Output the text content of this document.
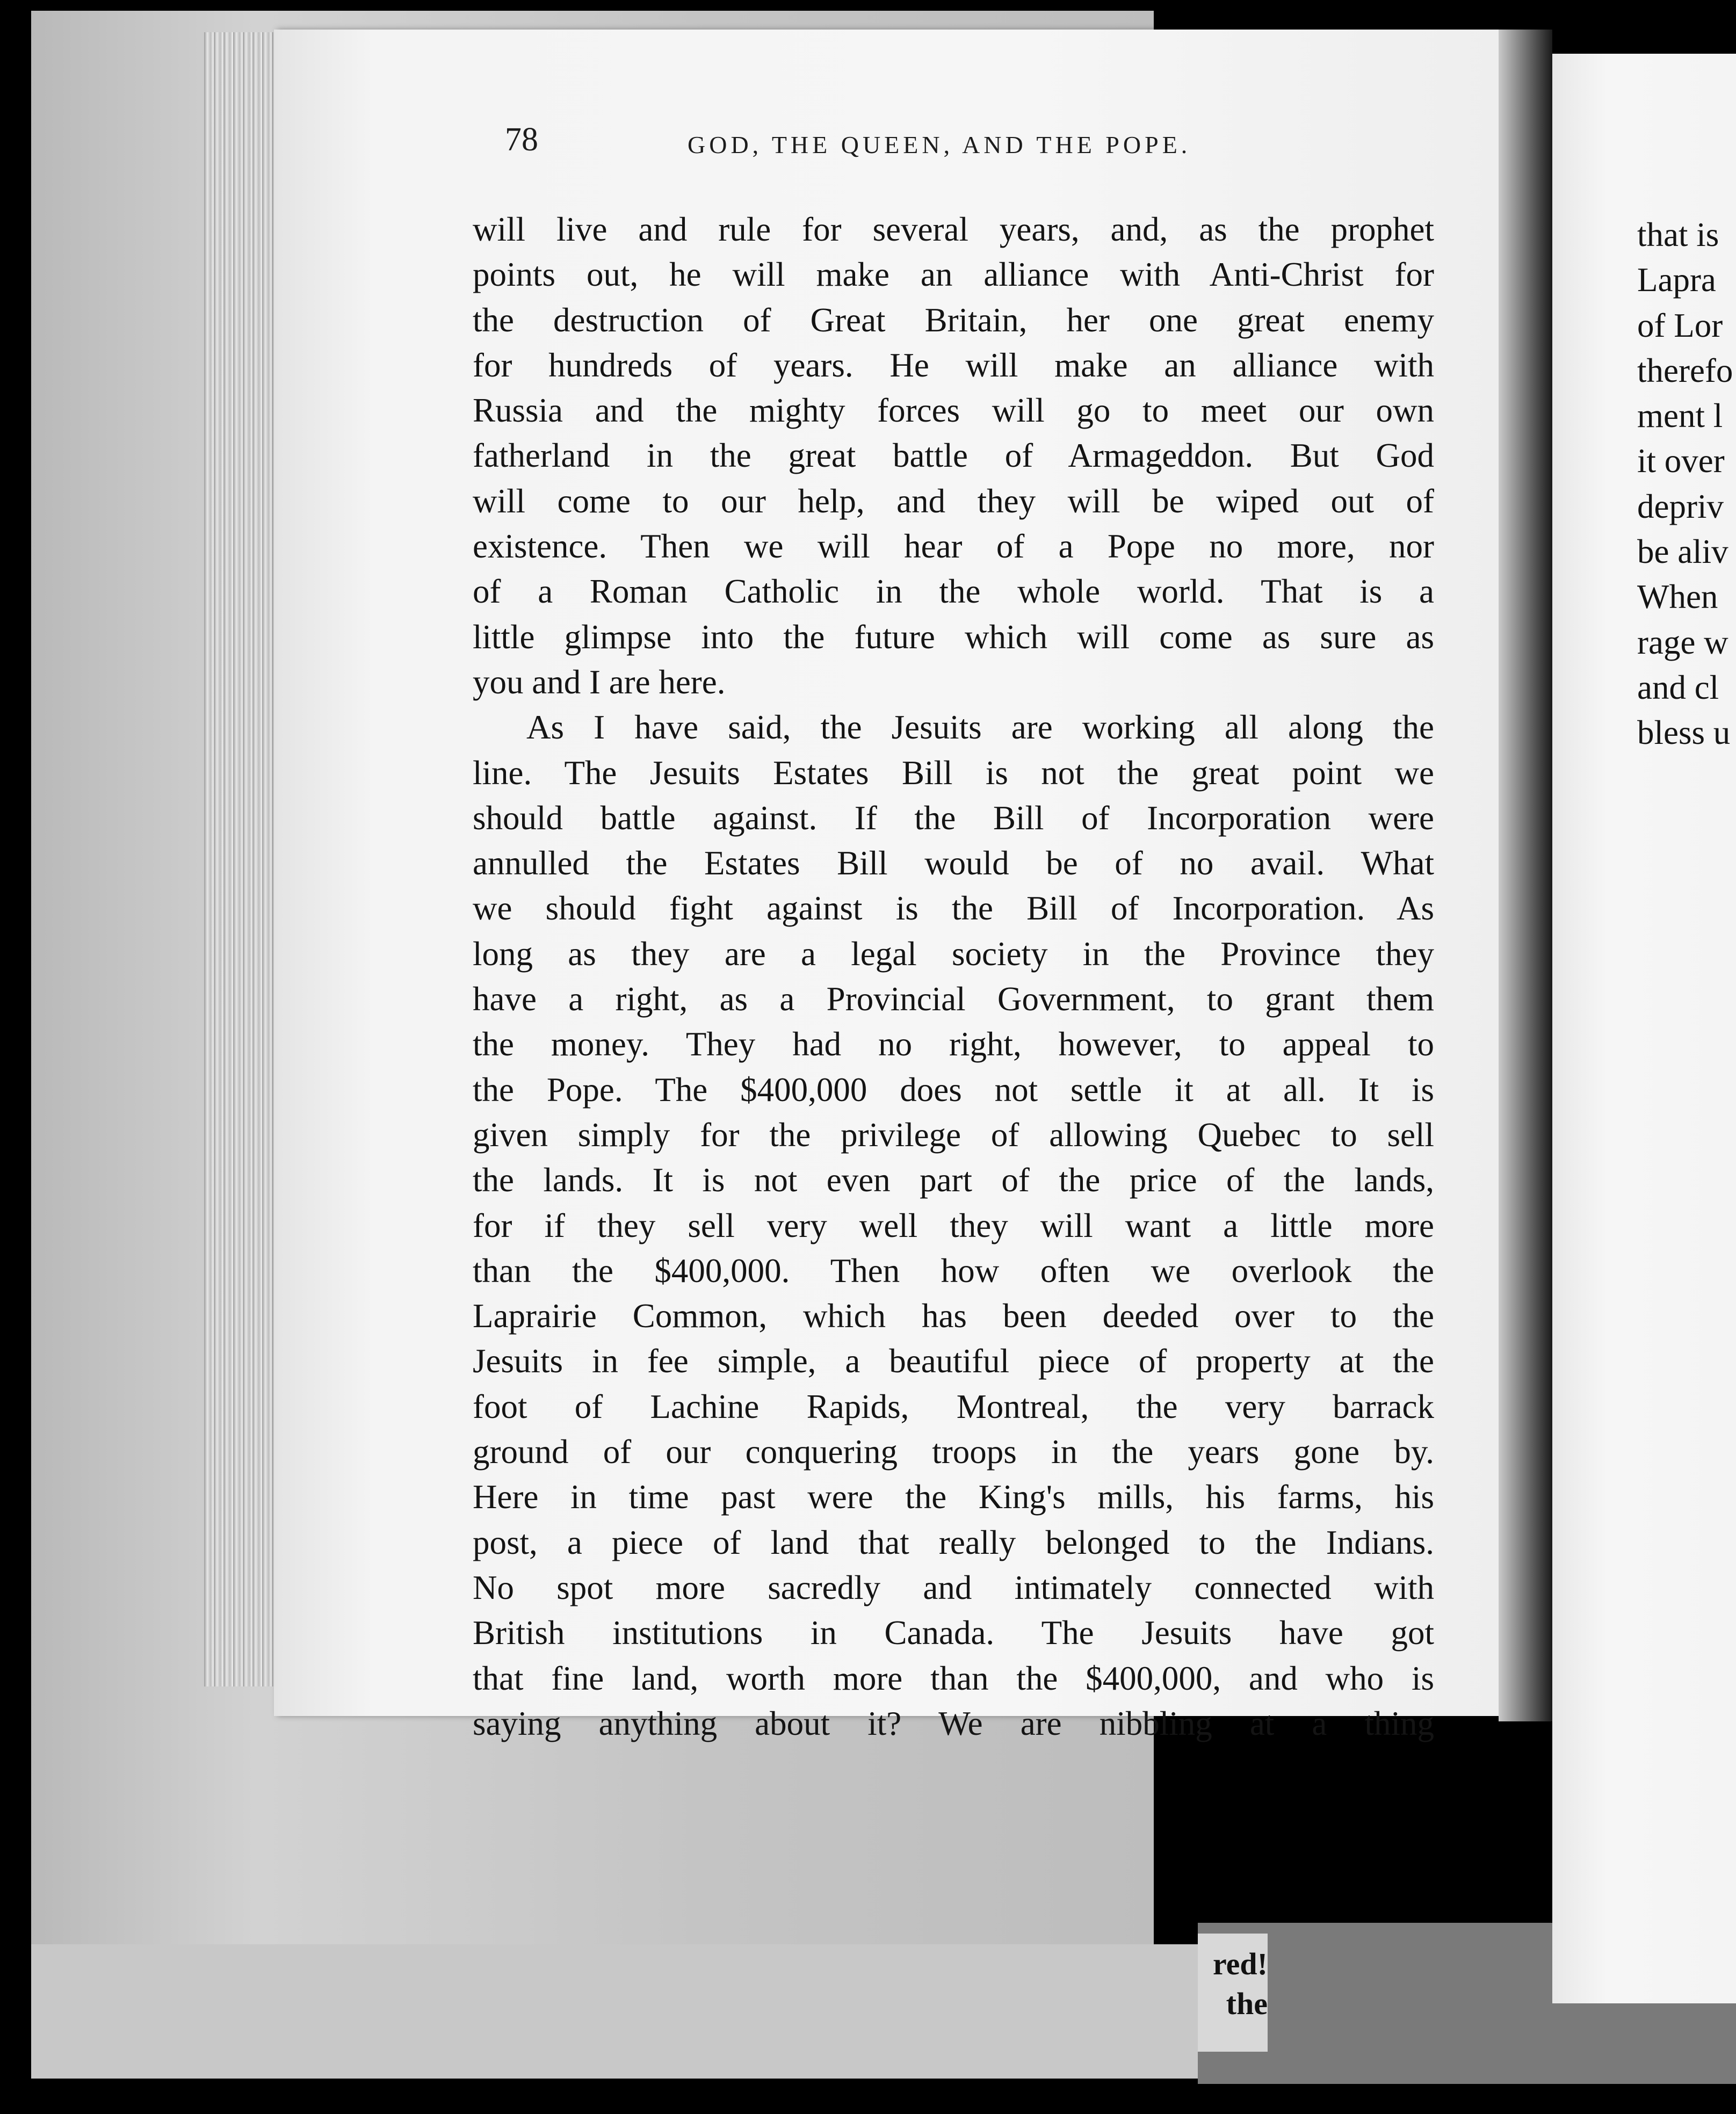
red!
the
78	GOD, THE QUEEN, AND THE POPE.
will live and rule for several years, and, as the prophet
points out, he will make an alliance with Anti-Christ for
the destruction of Great Britain, her one great enemy
for hundreds of years. He will make an alliance with
Russia and the mighty forces will go to meet our own
fatherland in the great battle of Armageddon. But God
will come to our help, and they will be wiped out of
existence. Then we will hear of a Pope no more, nor
of a Roman Catholic in the whole world. That is a
little glimpse into the future which will come as sure as
you and I are here.
As I have said, the Jesuits are working all along the
line. The Jesuits Estates Bill is not the great point we
should battle against. If the Bill of Incorporation were
annulled the Estates Bill would be of no avail. What
we should fight against is the Bill of Incorporation. As
long as they are a legal society in the Province they
have a right, as a Provincial Government, to grant them
the money. They had no right, however, to appeal to
the Pope. The $400,000 does not settle it at all. It is
given simply for the privilege of allowing Quebec to sell
the lands. It is not even part of the price of the lands,
for if they sell very well they will want a little more
than the $400,000. Then how often we overlook the
Laprairie Common, which has been deeded over to the
Jesuits in fee simple, a beautiful piece of property at the
foot of Lachine Rapids, Montreal, the very barrack
ground of our conquering troops in the years gone by.
Here in time past were the King's mills, his farms, his
post, a piece of land that really belonged to the Indians.
No spot more sacredly and intimately connected with
British institutions in Canada. The Jesuits have got
that fine land, worth more than the $400,000, and who is
saying anything about it? We are nibbling at a thing
that is
Lapra
of Lor
therefo
ment l
it over
depriv
be aliv
When
rage w
and cl
bless u
